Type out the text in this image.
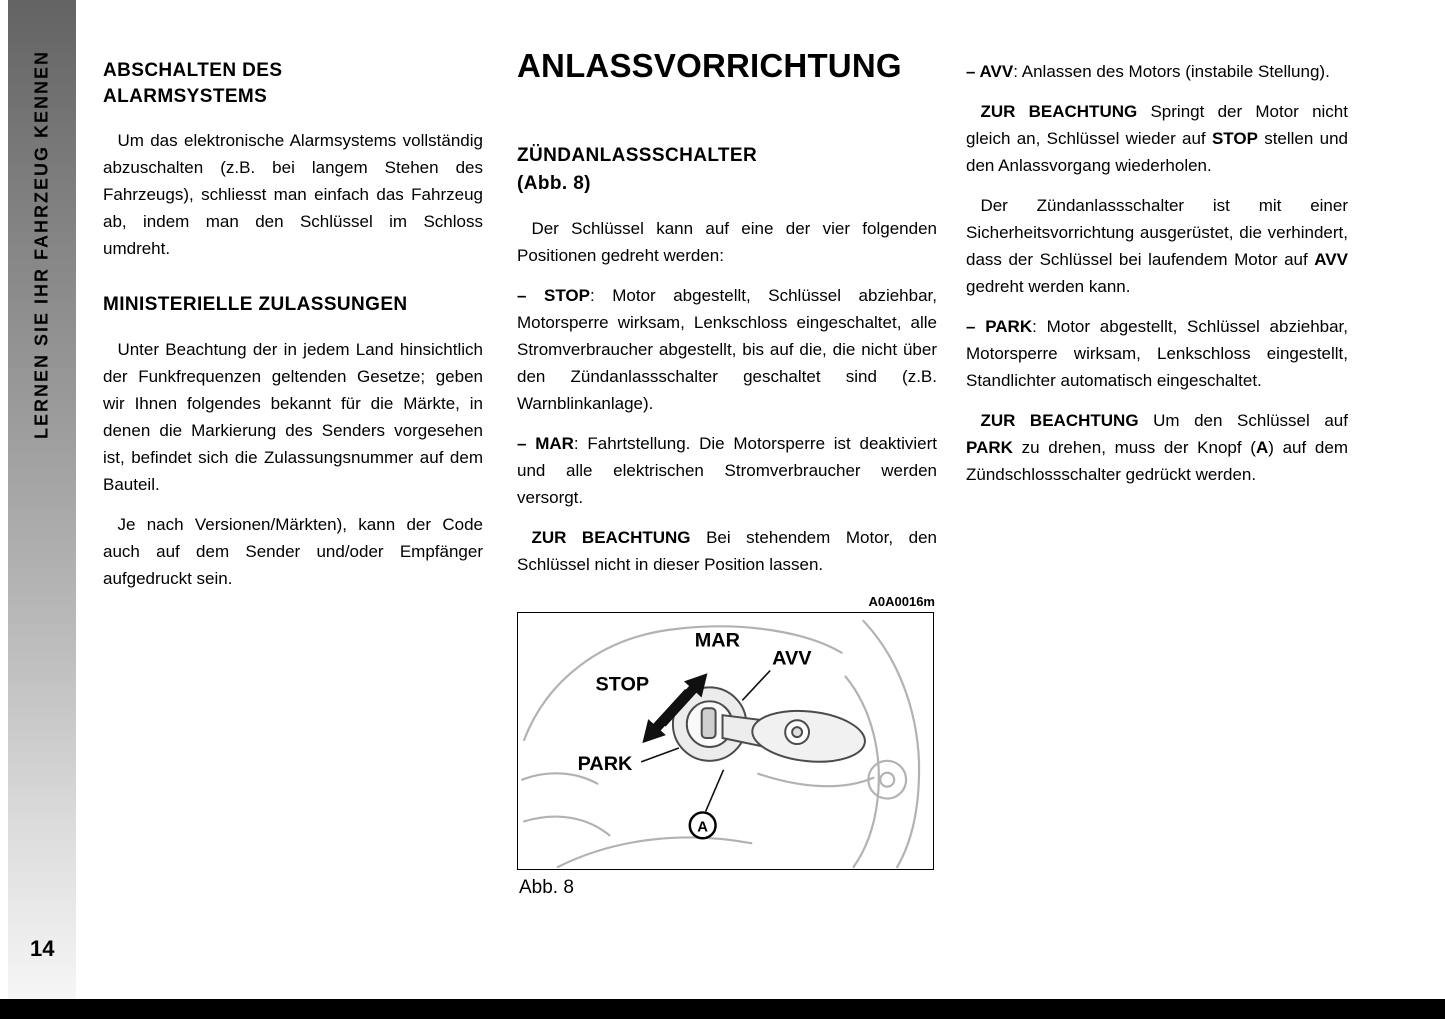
LERNEN SIE IHR FAHRZEUG KENNEN
14
ABSCHALTEN DES
ALARMSYSTEMS

Um das elektronische Alarmsystems vollständig abzuschalten (z.B. bei langem Stehen des Fahrzeugs), schliesst man einfach das Fahrzeug ab, indem man den Schlüssel im Schloss umdreht.

MINISTERIELLE ZULASSUNGEN

Unter Beachtung der in jedem Land hinsichtlich der Funkfrequenzen geltenden Gesetze; geben wir Ihnen folgendes bekannt für die Märkte, in denen die Markierung des Senders vorgesehen ist, befindet sich die Zulassungsnummer auf dem Bauteil.

Je nach Versionen/Märkten), kann der Code auch auf dem Sender und/oder Empfänger aufgedruckt sein.

ANLASSVORRICHTUNG
ZÜNDANLASSSCHALTER
(Abb. 8)

Der Schlüssel kann auf eine der vier folgenden Positionen gedreht werden:

– STOP: Motor abgestellt, Schlüssel abziehbar, Motorsperre wirksam, Lenkschloss eingeschaltet, alle Stromverbraucher abgestellt, bis auf die, die nicht über den Zündanlassschalter geschaltet sind (z.B. Warnblinkanlage).

– MAR: Fahrtstellung. Die Motorsperre ist deaktiviert und alle elektrischen Stromverbraucher werden versorgt.

ZUR BEACHTUNG Bei stehendem Motor, den Schlüssel nicht in dieser Position lassen.

A0A0016m
MAR
AVV
STOP
PARK
A
Abb. 8

– AVV: Anlassen des Motors (instabile Stellung).

ZUR BEACHTUNG Springt der Motor nicht gleich an, Schlüssel wieder auf STOP stellen und den Anlassvorgang wiederholen.

Der Zündanlassschalter ist mit einer Sicherheitsvorrichtung ausgerüstet, die verhindert, dass der Schlüssel bei laufendem Motor auf AVV gedreht werden kann.

– PARK: Motor abgestellt, Schlüssel abziehbar, Motorsperre wirksam, Lenkschloss eingestellt, Standlichter automatisch eingeschaltet.

ZUR BEACHTUNG Um den Schlüssel auf PARK zu drehen, muss der Knopf (A) auf dem Zündschlossschalter gedrückt werden.
